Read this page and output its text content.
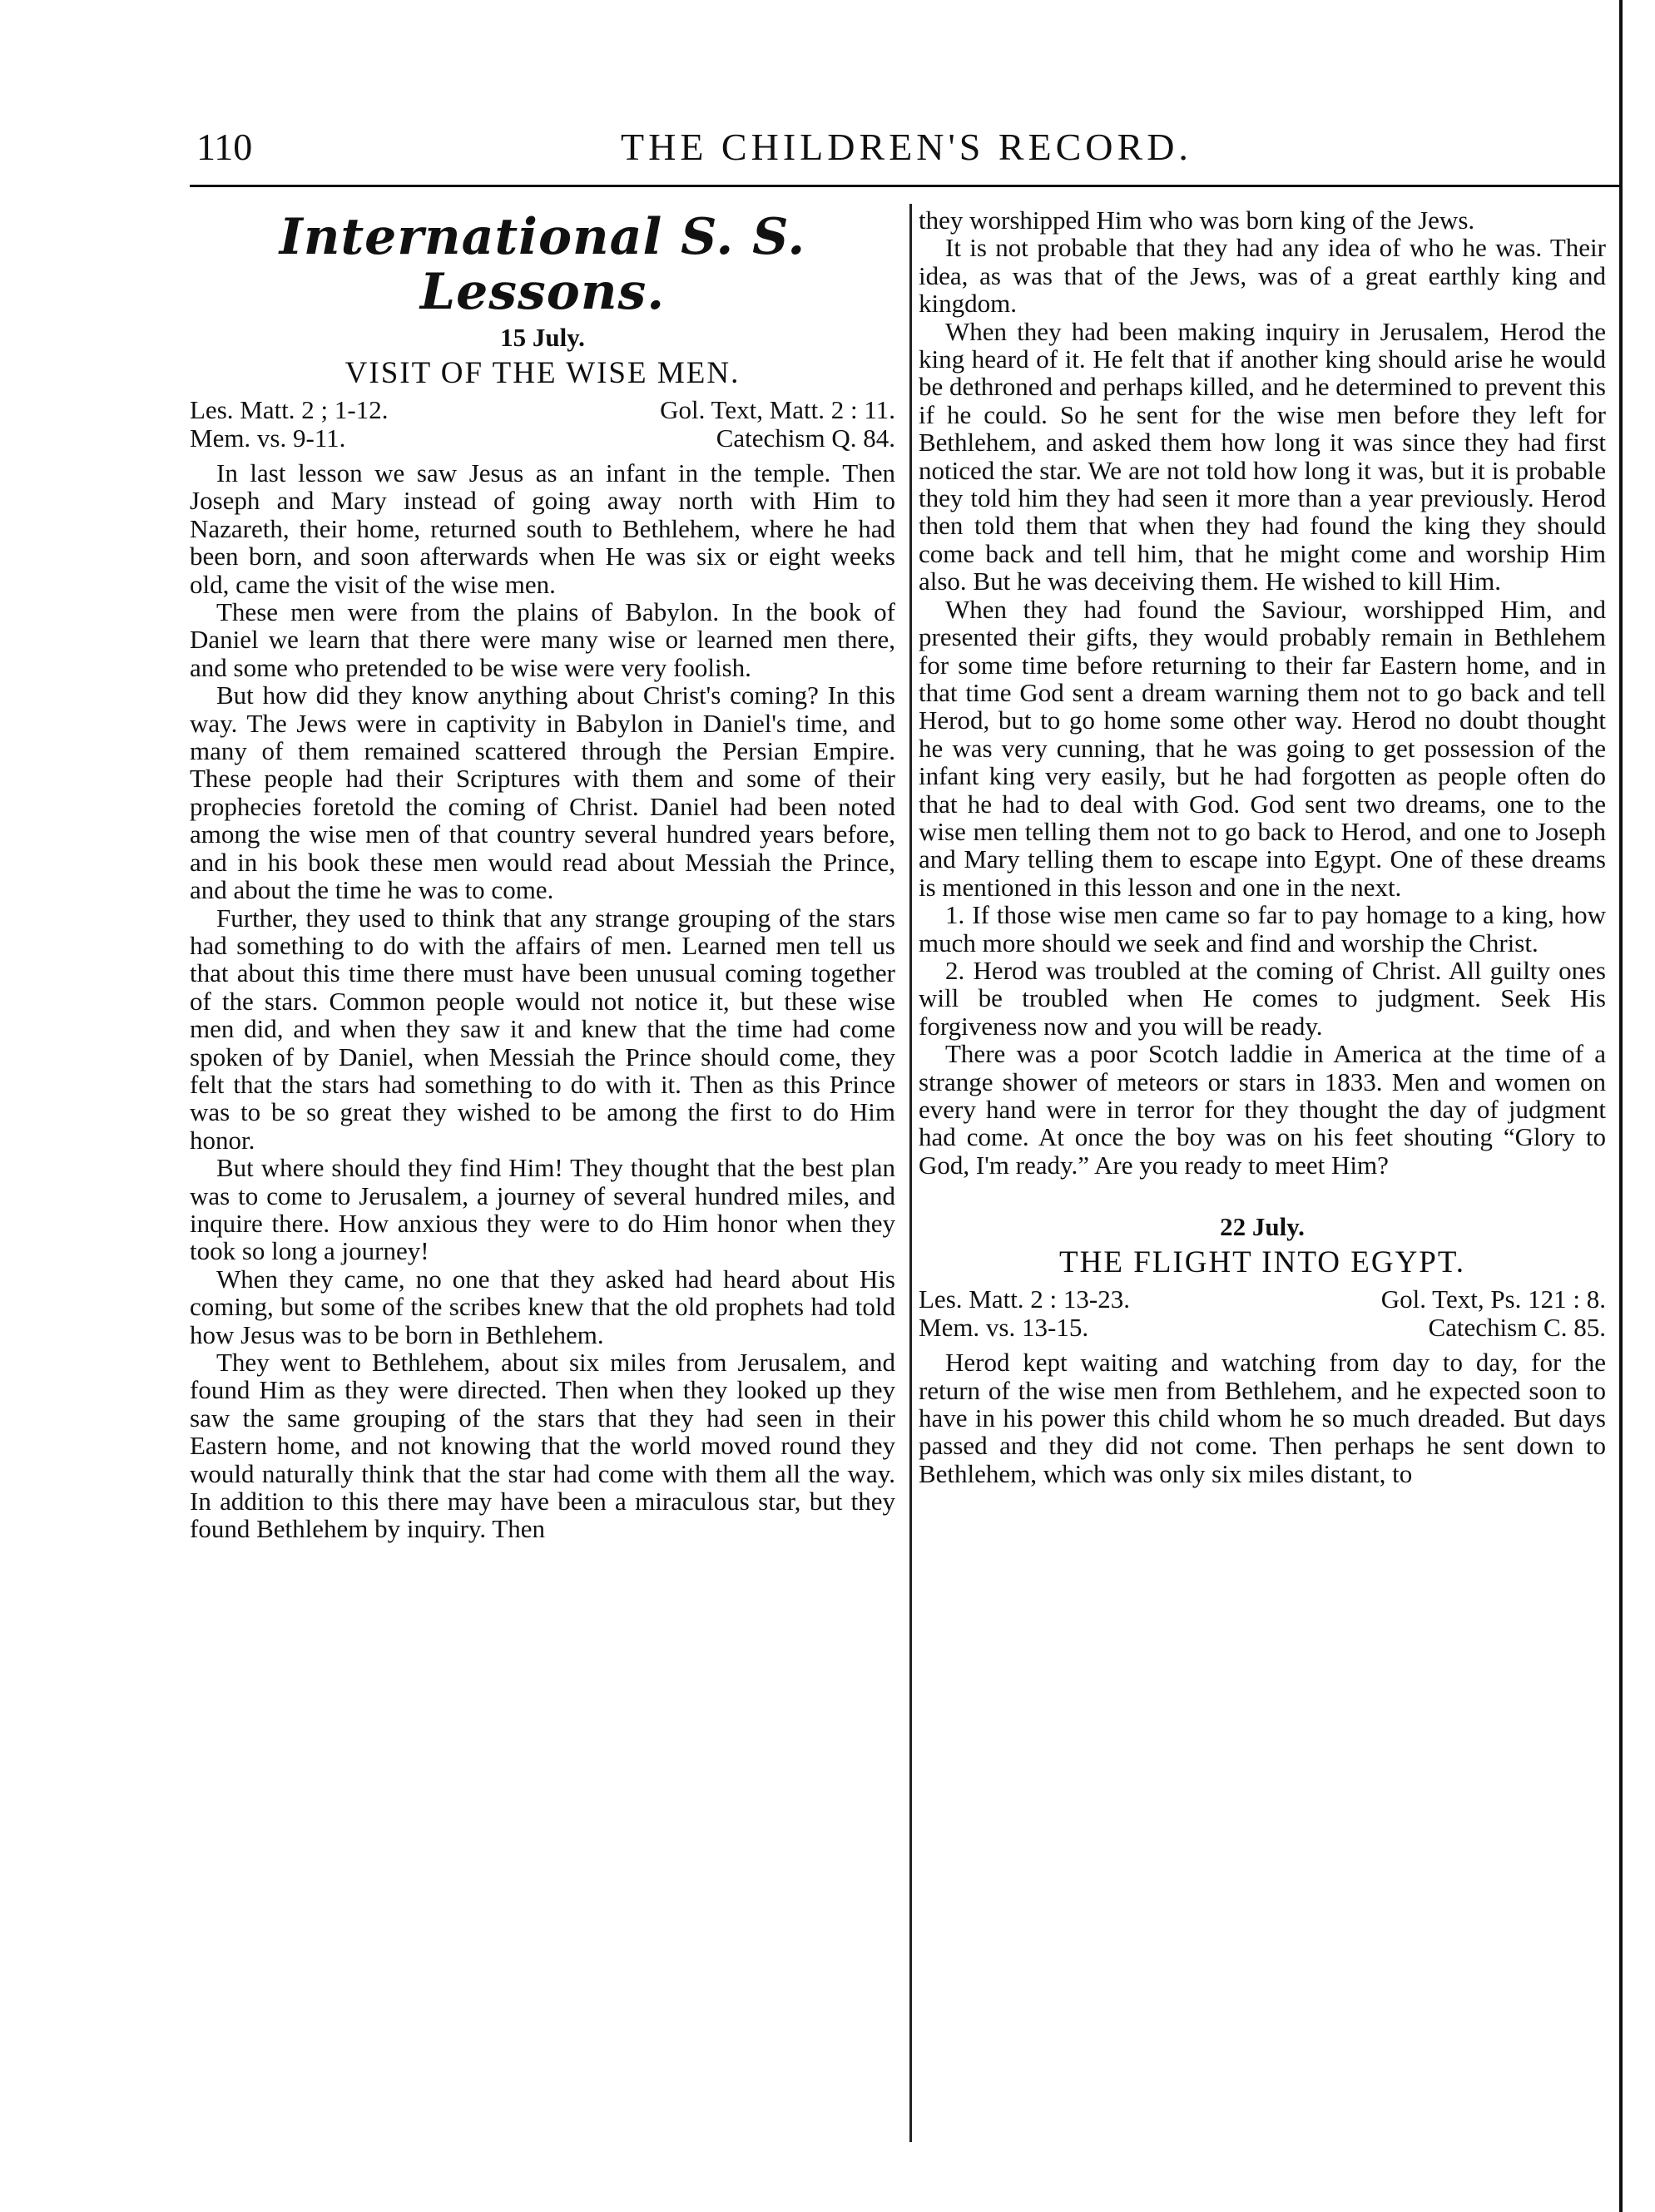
110	THE CHILDREN'S RECORD.
International S. S. Lessons.
15 July.
VISIT OF THE WISE MEN.
Les. Matt. 2 ; 1-12.	Gol. Text, Matt. 2 : 11.
Mem. vs. 9-11.	Catechism Q. 84.

In last lesson we saw Jesus as an infant in the temple. Then Joseph and Mary instead of going away north with Him to Nazareth, their home, returned south to Bethlehem, where he had been born, and soon afterwards when He was six or eight weeks old, came the visit of the wise men.

These men were from the plains of Babylon. In the book of Daniel we learn that there were many wise or learned men there, and some who pretended to be wise were very foolish.

But how did they know anything about Christ's coming? In this way. The Jews were in captivity in Babylon in Daniel's time, and many of them remained scattered through the Persian Empire. These people had their Scriptures with them and some of their prophecies foretold the coming of Christ. Daniel had been noted among the wise men of that country several hundred years before, and in his book these men would read about Messiah the Prince, and about the time he was to come.

Further, they used to think that any strange grouping of the stars had something to do with the affairs of men. Learned men tell us that about this time there must have been unusual coming together of the stars. Common people would not notice it, but these wise men did, and when they saw it and knew that the time had come spoken of by Daniel, when Messiah the Prince should come, they felt that the stars had something to do with it. Then as this Prince was to be so great they wished to be among the first to do Him honor.

But where should they find Him! They thought that the best plan was to come to Jerusalem, a journey of several hundred miles, and inquire there. How anxious they were to do Him honor when they took so long a journey!

When they came, no one that they asked had heard about His coming, but some of the scribes knew that the old prophets had told how Jesus was to be born in Bethlehem.

They went to Bethlehem, about six miles from Jerusalem, and found Him as they were directed. Then when they looked up they saw the same grouping of the stars that they had seen in their Eastern home, and not knowing that the world moved round they would naturally think that the star had come with them all the way. In addition to this there may have been a miraculous star, but they found Bethlehem by inquiry. Then

they worshipped Him who was born king of the Jews.

It is not probable that they had any idea of who he was. Their idea, as was that of the Jews, was of a great earthly king and kingdom.

When they had been making inquiry in Jerusalem, Herod the king heard of it. He felt that if another king should arise he would be dethroned and perhaps killed, and he determined to prevent this if he could. So he sent for the wise men before they left for Bethlehem, and asked them how long it was since they had first noticed the star. We are not told how long it was, but it is probable they told him they had seen it more than a year previously. Herod then told them that when they had found the king they should come back and tell him, that he might come and worship Him also. But he was deceiving them. He wished to kill Him.

When they had found the Saviour, worshipped Him, and presented their gifts, they would probably remain in Bethlehem for some time before returning to their far Eastern home, and in that time God sent a dream warning them not to go back and tell Herod, but to go home some other way. Herod no doubt thought he was very cunning, that he was going to get possession of the infant king very easily, but he had forgotten as people often do that he had to deal with God. God sent two dreams, one to the wise men telling them not to go back to Herod, and one to Joseph and Mary telling them to escape into Egypt. One of these dreams is mentioned in this lesson and one in the next.

1. If those wise men came so far to pay homage to a king, how much more should we seek and find and worship the Christ.

2. Herod was troubled at the coming of Christ. All guilty ones will be troubled when He comes to judgment. Seek His forgiveness now and you will be ready.

There was a poor Scotch laddie in America at the time of a strange shower of meteors or stars in 1833. Men and women on every hand were in terror for they thought the day of judgment had come. At once the boy was on his feet shouting “Glory to God, I'm ready.” Are you ready to meet Him?

22 July.
THE FLIGHT INTO EGYPT.
Les. Matt. 2 : 13-23.	Gol. Text, Ps. 121 : 8.
Mem. vs. 13-15.	Catechism C. 85.

Herod kept waiting and watching from day to day, for the return of the wise men from Bethlehem, and he expected soon to have in his power this child whom he so much dreaded. But days passed and they did not come. Then perhaps he sent down to Bethlehem, which was only six miles distant, to
